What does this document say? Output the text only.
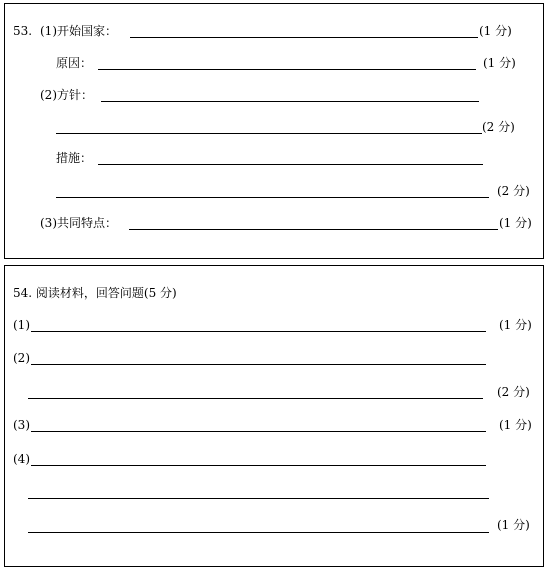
53. (1)开始国家：	(1 分)
原因：	(1 分)
(2)方针：
(2 分)
措施：
(2 分)
(3)共同特点：	(1 分)
54. 阅读材料，回答问题(5 分)
(1)	(1 分)
(2)
(2 分)
(3)	(1 分)
(4)
(1 分)
